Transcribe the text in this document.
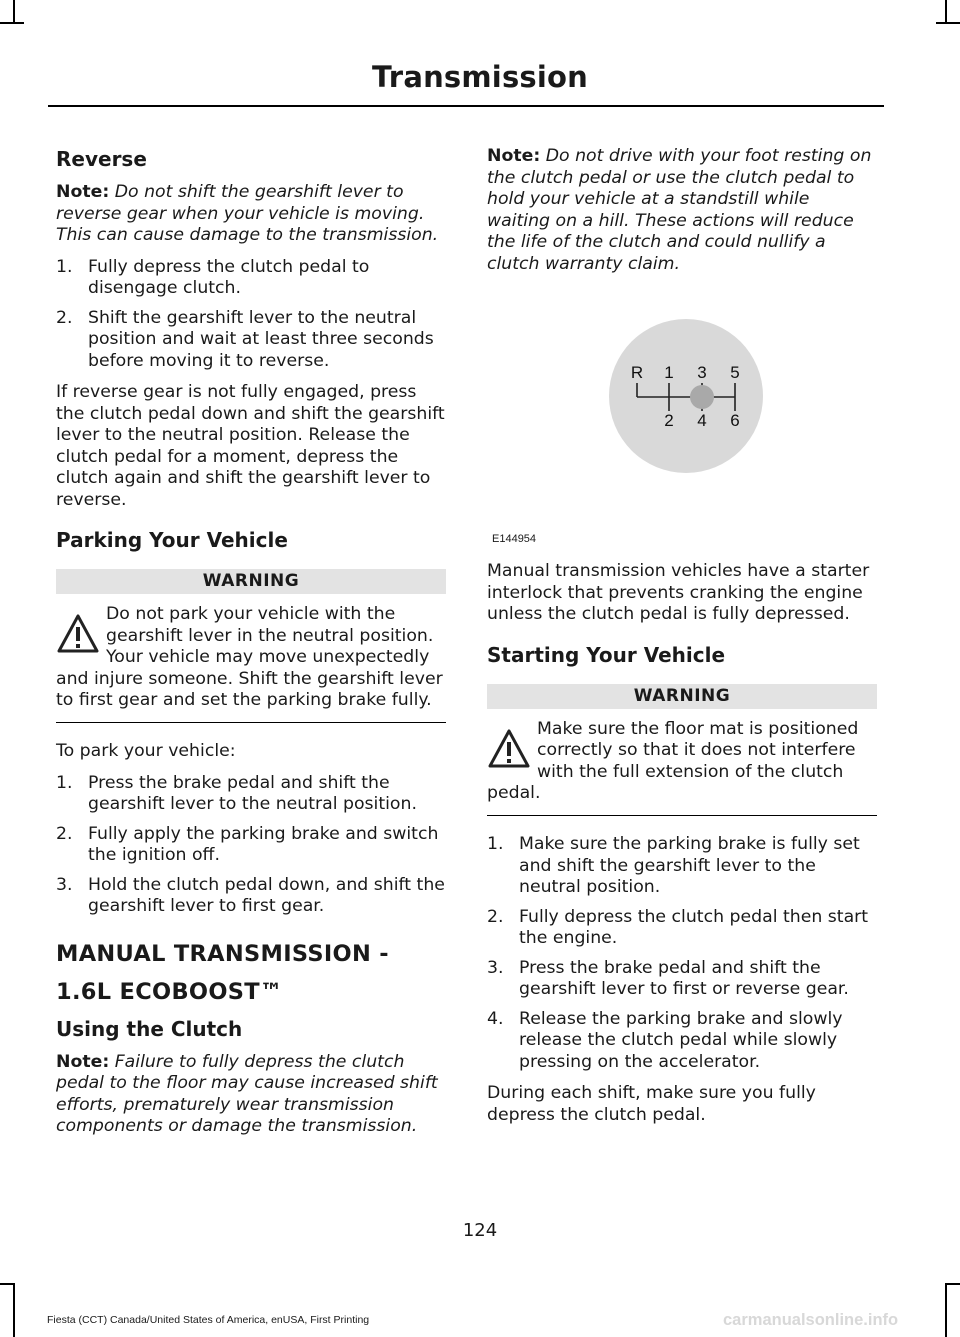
Transmission
Reverse

Note: Do not shift the gearshift lever to reverse gear when your vehicle is moving. This can cause damage to the transmission.

1. Fully depress the clutch pedal to disengage clutch.
2. Shift the gearshift lever to the neutral position and wait at least three seconds before moving it to reverse.

If reverse gear is not fully engaged, press the clutch pedal down and shift the gearshift lever to the neutral position. Release the clutch pedal for a moment, depress the clutch again and shift the gearshift lever to reverse.

Parking Your Vehicle
WARNING
Do not park your vehicle with the gearshift lever in the neutral position. Your vehicle may move unexpectedly and injure someone. Shift the gearshift lever to first gear and set the parking brake fully.

To park your vehicle:

1. Press the brake pedal and shift the gearshift lever to the neutral position.
2. Fully apply the parking brake and switch the ignition off.
3. Hold the clutch pedal down, and shift the gearshift lever to first gear.
MANUAL TRANSMISSION -
1.6L ECOBOOST™
Using the Clutch

Note: Failure to fully depress the clutch pedal to the floor may cause increased shift efforts, prematurely wear transmission components or damage the transmission.

Note: Do not drive with your foot resting on the clutch pedal or use the clutch pedal to hold your vehicle at a standstill while waiting on a hill. These actions will reduce the life of the clutch and could nullify a clutch warranty claim.

R 1 3 5
2 4 6
E144954

Manual transmission vehicles have a starter interlock that prevents cranking the engine unless the clutch pedal is fully depressed.

Starting Your Vehicle
WARNING
Make sure the floor mat is positioned correctly so that it does not interfere with the full extension of the clutch pedal.
1. Make sure the parking brake is fully set and shift the gearshift lever to the neutral position.
2. Fully depress the clutch pedal then start the engine.
3. Press the brake pedal and shift the gearshift lever to first or reverse gear.
4. Release the parking brake and slowly release the clutch pedal while slowly pressing on the accelerator.

During each shift, make sure you fully depress the clutch pedal.

124
Fiesta (CCT) Canada/United States of America, enUSA, First Printing	carmanualsonline.info
